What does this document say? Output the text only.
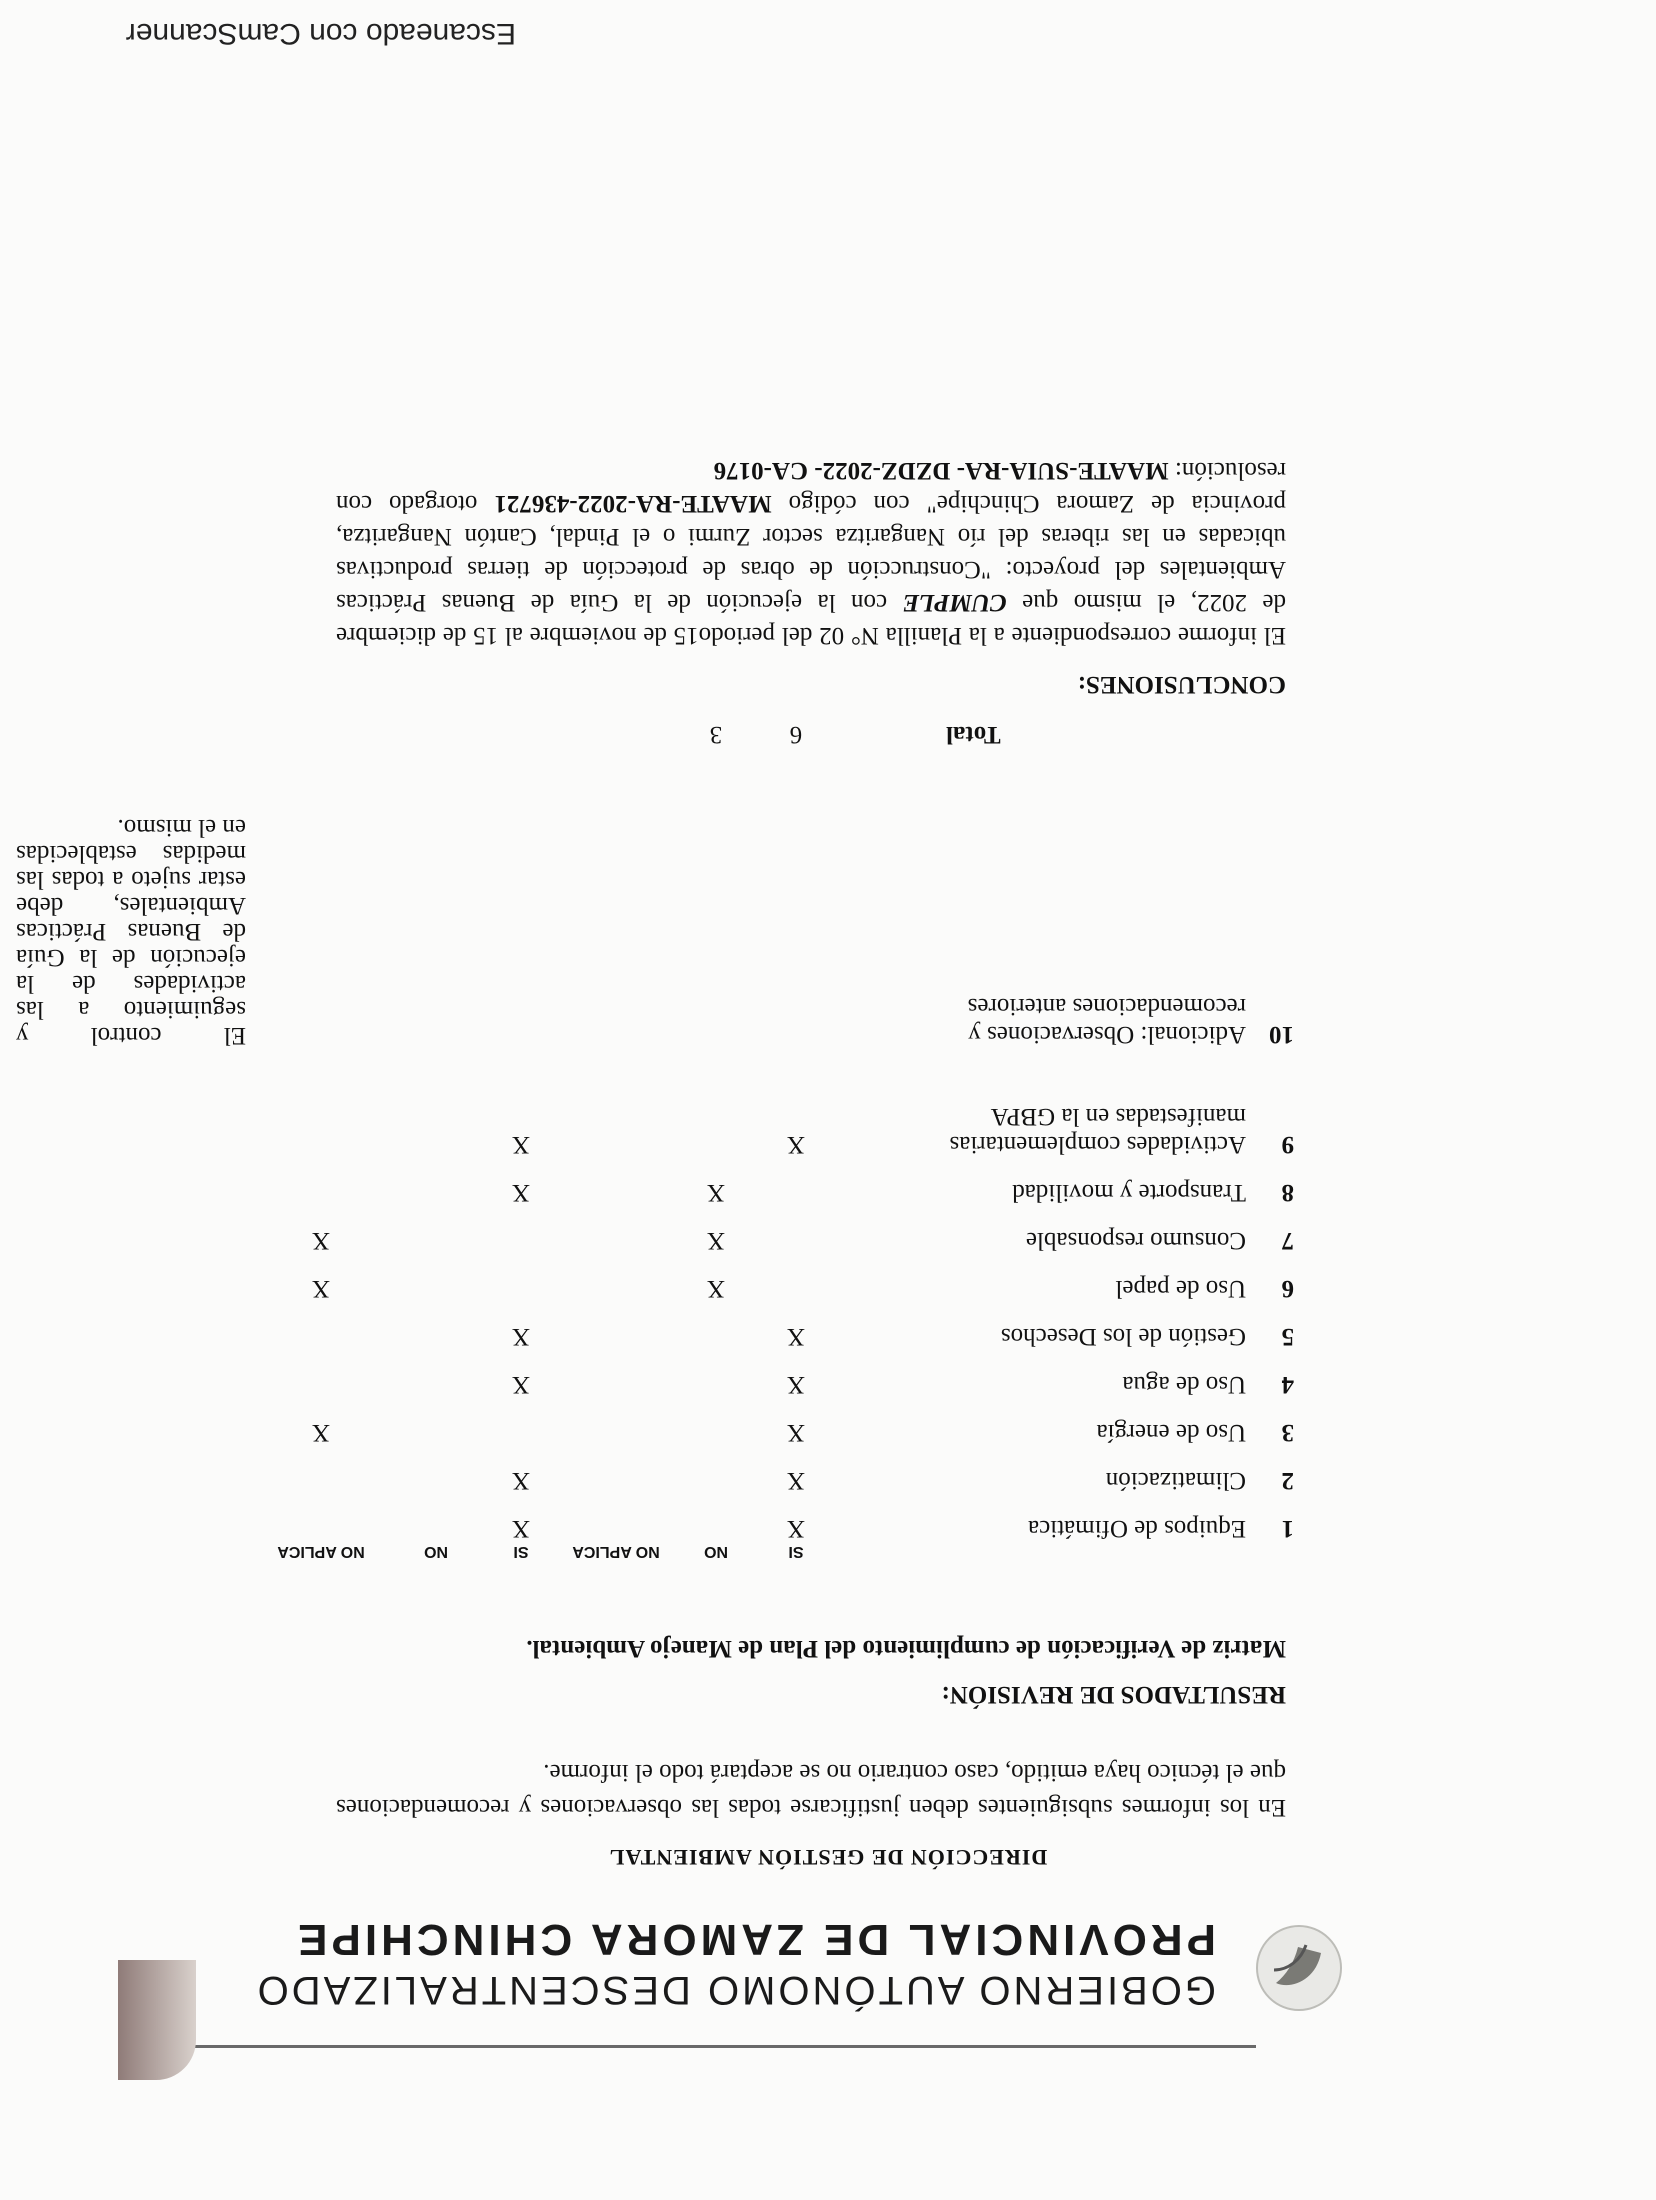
GOBIERNO AUTÓNOMO DESCENTRALIZADO
PROVINCIAL DE ZAMORA CHINCHIPE
DIRECCIÓN DE GESTIÓN AMBIENTAL
En los informes subsiguientes deben justificarse todas las observaciones y recomendaciones que el técnico haya emitido, caso contrario no se aceptará todo el informe.
RESULTADOS DE REVISIÓN:
Matriz de Verificación de cumplimiento del Plan de Manejo Ambiental.
			SI	NO	NO APLICA	SI	NO	NO APLICA	
1	Equipos de Ofimática		X			X			
2	Climatización		X			X			
3	Uso de energía		X					X	
4	Uso de agua		X			X			
5	Gestión de los Desechos		X			X			
6	Uso de papel			X				X	
7	Consumo responsable			X				X	
8	Transporte y movilidad			X		X			
9	Actividades complementarias manifestadas en la GBPA		X			X			
10	Adicional: Observaciones y recomendaciones anteriores								El control y seguimiento a las actividades de la ejecución de la Guía de Buenas Prácticas Ambientales, debe estar sujeto a todas las medidas establecidas en el mismo.
	Total		6	3					
CONCLUSIONES:
El informe correspondiente a la Planilla N° 02 del periodo15 de noviembre al 15 de diciembre de 2022, el mismo que CUMPLE con la ejecución de la Guía de Buenas Prácticas Ambientales del proyecto: "Construcción de obras de protección de tierras productivas ubicadas en las riberas del río Nangaritza sector Zurmi o el Pindal, Cantón Nangaritza, provincia de Zamora Chinchipe" con código MAATE-RA-2022-436721 otorgado con resolución: MAATE-SUIA-RA- DZDZ-2022- CA-0176
Escaneado con CamScanner
